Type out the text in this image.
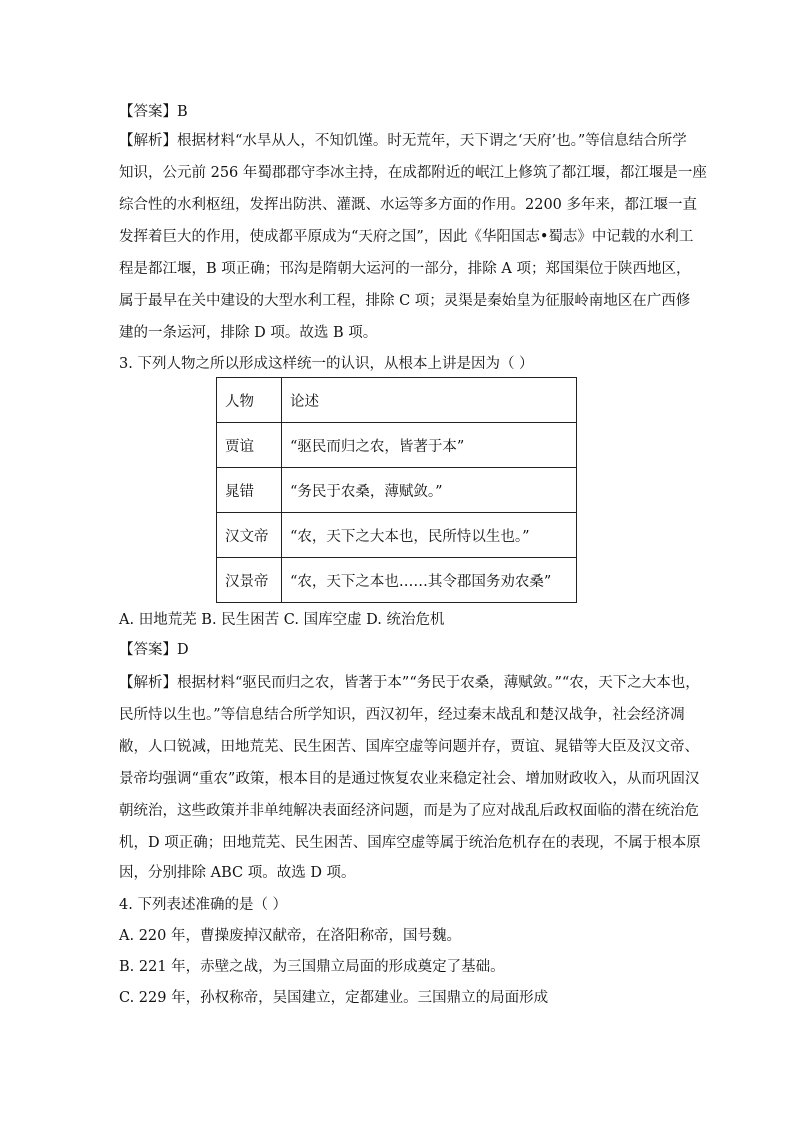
【答案】B
【解析】根据材料“水旱从人，不知饥馑。时无荒年，天下谓之‘天府’也。”等信息结合所学
知识，公元前 256 年蜀郡郡守李冰主持，在成都附近的岷江上修筑了都江堰，都江堰是一座
综合性的水利枢纽，发挥出防洪、灌溉、水运等多方面的作用。2200 多年来，都江堰一直
发挥着巨大的作用，使成都平原成为“天府之国”，因此《华阳国志•蜀志》中记载的水利工
程是都江堰，B 项正确；邗沟是隋朝大运河的一部分，排除 A 项；郑国渠位于陕西地区，
属于最早在关中建设的大型水利工程，排除 C 项；灵渠是秦始皇为征服岭南地区在广西修
建的一条运河，排除 D 项。故选 B 项。
3. 下列人物之所以形成这样统一的认识，从根本上讲是因为（ ）
人物	论述
贾谊	“驱民而归之农，皆著于本”
晁错	“务民于农桑，薄赋敛。”
汉文帝	“农，天下之大本也，民所恃以生也。”
汉景帝	“农，天下之本也……其令郡国务劝农桑”
A. 田地荒芜 B. 民生困苦 C. 国库空虚 D. 统治危机
【答案】D
【解析】根据材料“驱民而归之农，皆著于本”“务民于农桑，薄赋敛。”“农，天下之大本也，
民所恃以生也。”等信息结合所学知识，西汉初年，经过秦末战乱和楚汉战争，社会经济凋
敝，人口锐减，田地荒芜、民生困苦、国库空虚等问题并存，贾谊、晁错等大臣及汉文帝、
景帝均强调“重农”政策，根本目的是通过恢复农业来稳定社会、增加财政收入，从而巩固汉
朝统治，这些政策并非单纯解决表面经济问题，而是为了应对战乱后政权面临的潜在统治危
机，D 项正确；田地荒芜、民生困苦、国库空虚等属于统治危机存在的表现，不属于根本原
因，分别排除 ABC 项。故选 D 项。
4. 下列表述准确的是（ ）
A. 220 年，曹操废掉汉献帝，在洛阳称帝，国号魏。
B. 221 年，赤壁之战，为三国鼎立局面的形成奠定了基础。
C. 229 年，孙权称帝，吴国建立，定都建业。三国鼎立的局面形成
